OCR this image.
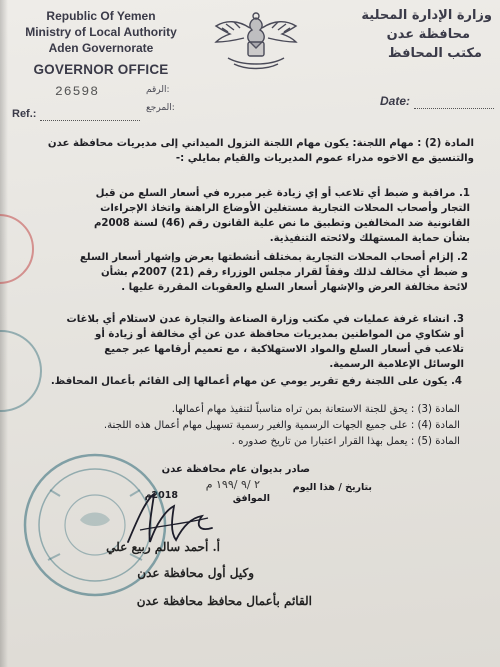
Republic Of Yemen
Ministry of Local Authority
Aden Governorate
GOVERNOR OFFICE
الرقم:
26598
المرجع:
Ref.:
وزارة الإدارة المحلية
محافظة عدن
مكتب المحافظ
Date:
المادة (2) : مهام اللجنة: يكون مهام اللجنة النزول الميداني إلى مديريات محافظة عدن
والتنسيق مع الاخوه مدراء عموم المديريات والقيام بمايلي :-
1. مراقبة و ضبط أي تلاعب أو إي زيادة غير مبرره في أسعار السلع من قبل
التجار وأصحاب المحلات التجارية مستغلين الأوضاع الراهنة واتخاذ الإجراءات
القانونية ضد المخالفين وتطبيق ما نص علية القانون رقم (46) لسنة 2008م
بشأن حماية المستهلك ولائحته التنفيذية.
2. إلزام أصحاب المحلات التجارية بمختلف أنشطتها بعرض وإشهار أسعار السلع
و ضبط أي مخالف لذلك وفقاً لقرار مجلس الوزراء رقم (21) 2007م بشأن
لائحة مخالفة العرض والإشهار أسعار السلع والعقوبات المقررة عليها .
3. انشاء غرفة عمليات في مكتب وزارة الصناعة والتجارة عدن لاستلام أي بلاغات
أو شكاوي من المواطنين بمديريات محافظة عدن عن أي مخالفة أو زيادة أو
تلاعب في أسعار السلع والمواد الاستهلاكية ، مع تعميم أرقامها عبر جميع
الوسائل الإعلامية الرسمية.
4. يكون على اللجنة رفع تقرير يومي عن مهام أعمالها إلى القائم بأعمال المحافظ.
المادة (3) : يحق للجنة الاستعانة بمن تراه مناسباً لتنفيذ مهام أعمالها.
المادة (4) : على جميع الجهات الرسمية والغير رسمية تسهيل مهام أعمال هذه اللجنة.
المادة (5) : يعمل بهذا القرار اعتبارا من تاريخ صدوره .
صادر بديوان عام محافظة عدن
بتاريخ / هذا اليوم
٢ /٩ /١٩٩ م
الموافق
2018م
أ. أحمد سالم ربيع علي
وكيل أول محافظة عدن
القائم بأعمال محافظ محافظة عدن
